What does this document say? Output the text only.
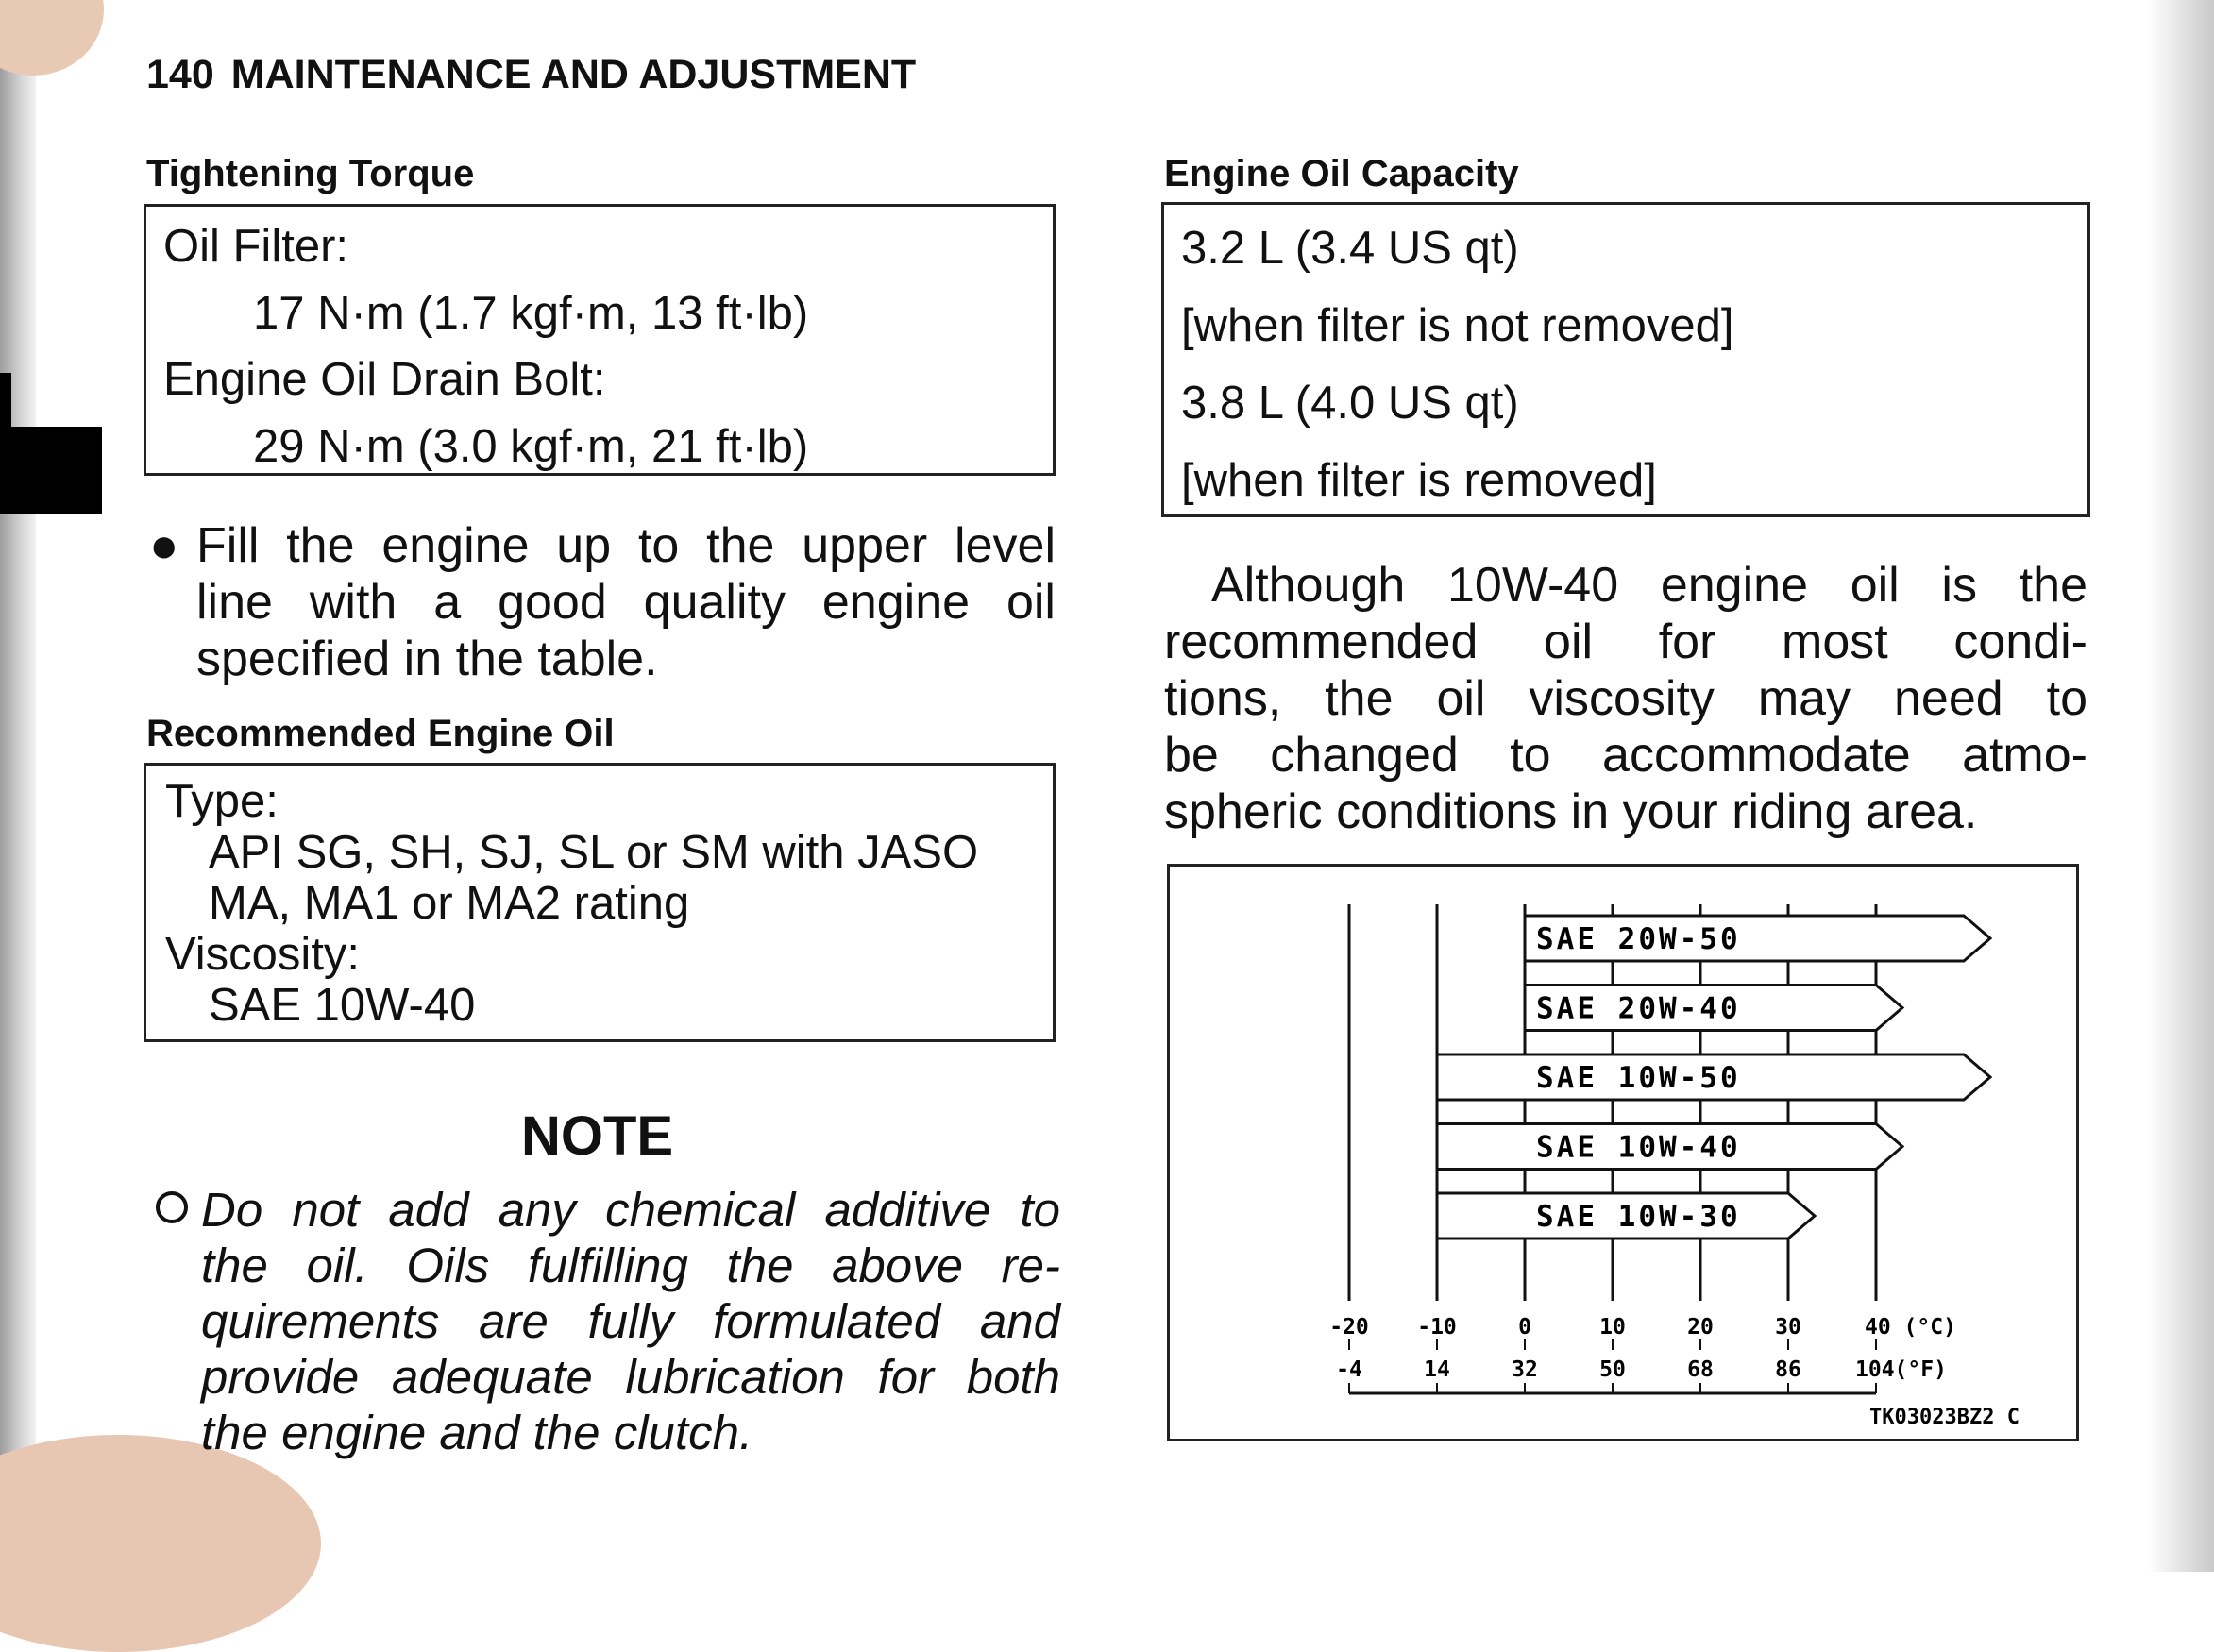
140 MAINTENANCE AND ADJUSTMENT
Tightening Torque
Oil Filter:
17 N·m (1.7 kgf·m, 13 ft·lb)
Engine Oil Drain Bolt:
29 N·m (3.0 kgf·m, 21 ft·lb)
● Fill the engine up to the upper level
line with a good quality engine oil
specified in the table.
Recommended Engine Oil
Type:
API SG, SH, SJ, SL or SM with JASO
MA, MA1 or MA2 rating
Viscosity:
SAE 10W-40
NOTE
Do not add any chemical additive to
the oil. Oils fulfilling the above re-
quirements are fully formulated and
provide adequate lubrication for both
the engine and the clutch.
Engine Oil Capacity
3.2 L (3.4 US qt)
[when filter is not removed]
3.8 L (4.0 US qt)
[when filter is removed]
Although 10W-40 engine oil is the
recommended oil for most condi-
tions, the oil viscosity may need to
be changed to accommodate atmo-
spheric conditions in your riding area.
SAE 20W-50
SAE 20W-40
SAE 10W-50
SAE 10W-40
SAE 10W-30
-20 -10	0	10	20	30	40 (°C)
-4	14	32	50	68	86 104(°F)
TK03023BZ2 C
